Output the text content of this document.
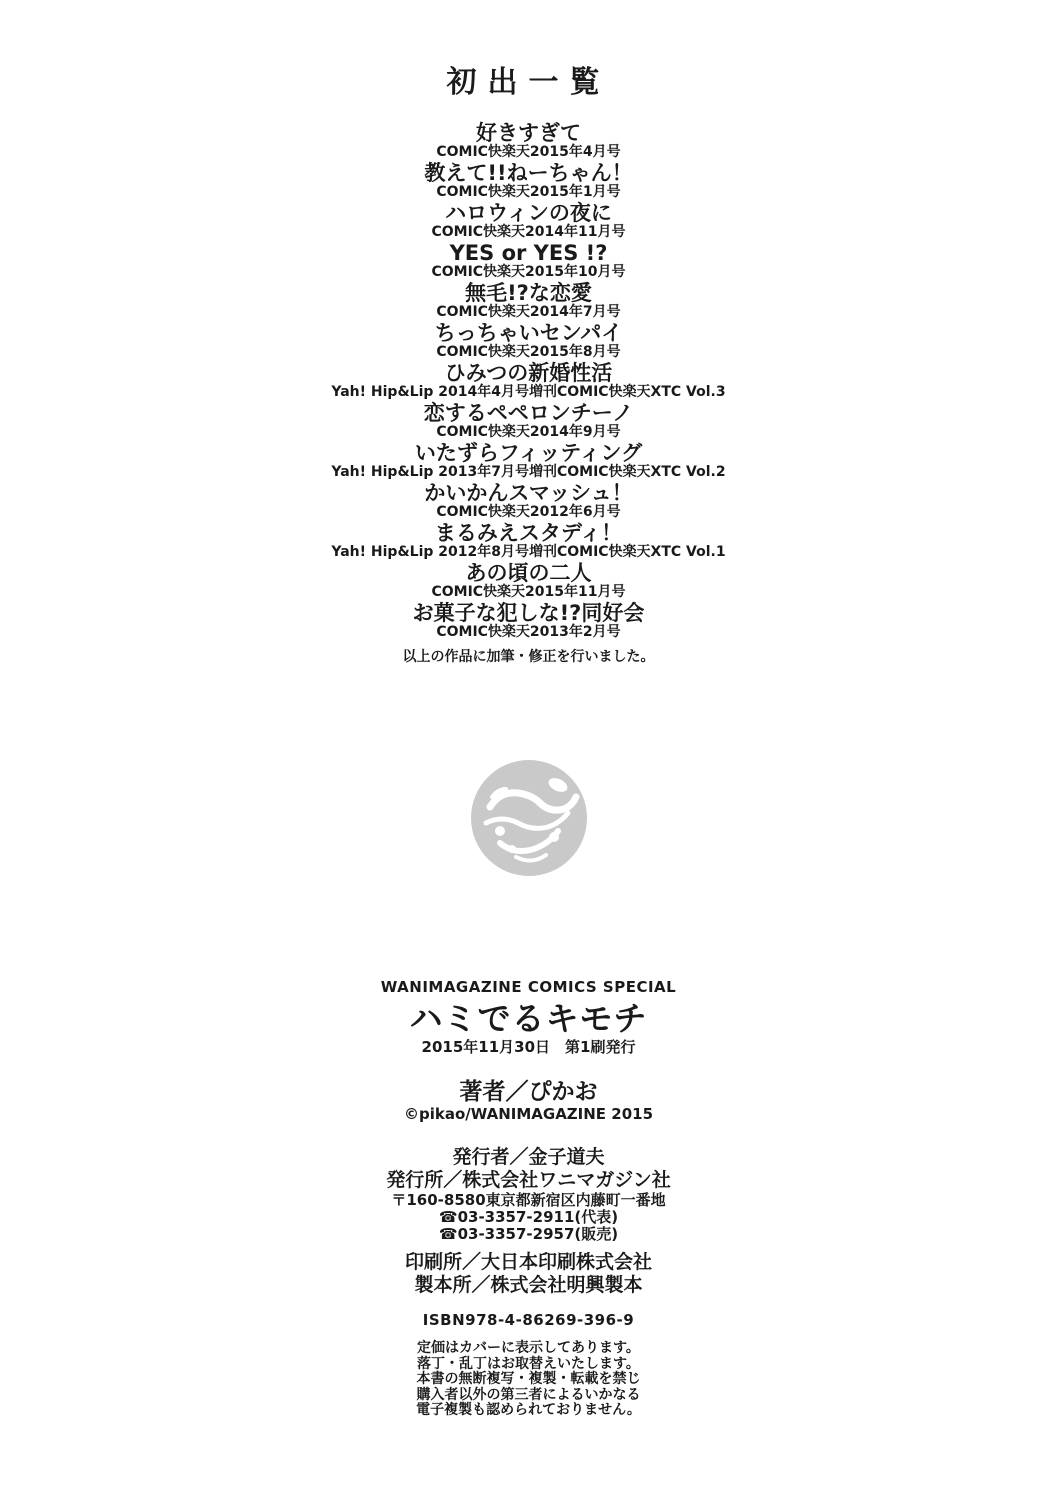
初出一覧
好きすぎて
COMIC快楽天2015年4月号
教えて!!ねーちゃん！
COMIC快楽天2015年1月号
ハロウィンの夜に
COMIC快楽天2014年11月号
YES or YES !?
COMIC快楽天2015年10月号
無毛!?な恋愛
COMIC快楽天2014年7月号
ちっちゃいセンパイ
COMIC快楽天2015年8月号
ひみつの新婚性活
Yah! Hip&Lip 2014年4月号増刊COMIC快楽天XTC Vol.3
恋するペペロンチーノ
COMIC快楽天2014年9月号
いたずらフィッティング
Yah! Hip&Lip 2013年7月号増刊COMIC快楽天XTC Vol.2
かいかんスマッシュ！
COMIC快楽天2012年6月号
まるみえスタディ！
Yah! Hip&Lip 2012年8月号増刊COMIC快楽天XTC Vol.1
あの頃の二人
COMIC快楽天2015年11月号
お菓子な犯しな!?同好会
COMIC快楽天2013年2月号
以上の作品に加筆・修正を行いました。
WANIMAGAZINE COMICS SPECIAL
ハミでるキモチ
2015年11月30日　第1刷発行
著者／ぴかお
©pikao/WANIMAGAZINE 2015
発行者／金子道夫
発行所／株式会社ワニマガジン社
〒160-8580東京都新宿区内藤町一番地
☎03-3357-2911(代表)
☎03-3357-2957(販売)
印刷所／大日本印刷株式会社
製本所／株式会社明興製本
ISBN978-4-86269-396-9
定価はカバーに表示してあります。
落丁・乱丁はお取替えいたします。
本書の無断複写・複製・転載を禁じ
購入者以外の第三者によるいかなる
電子複製も認められておりません。
